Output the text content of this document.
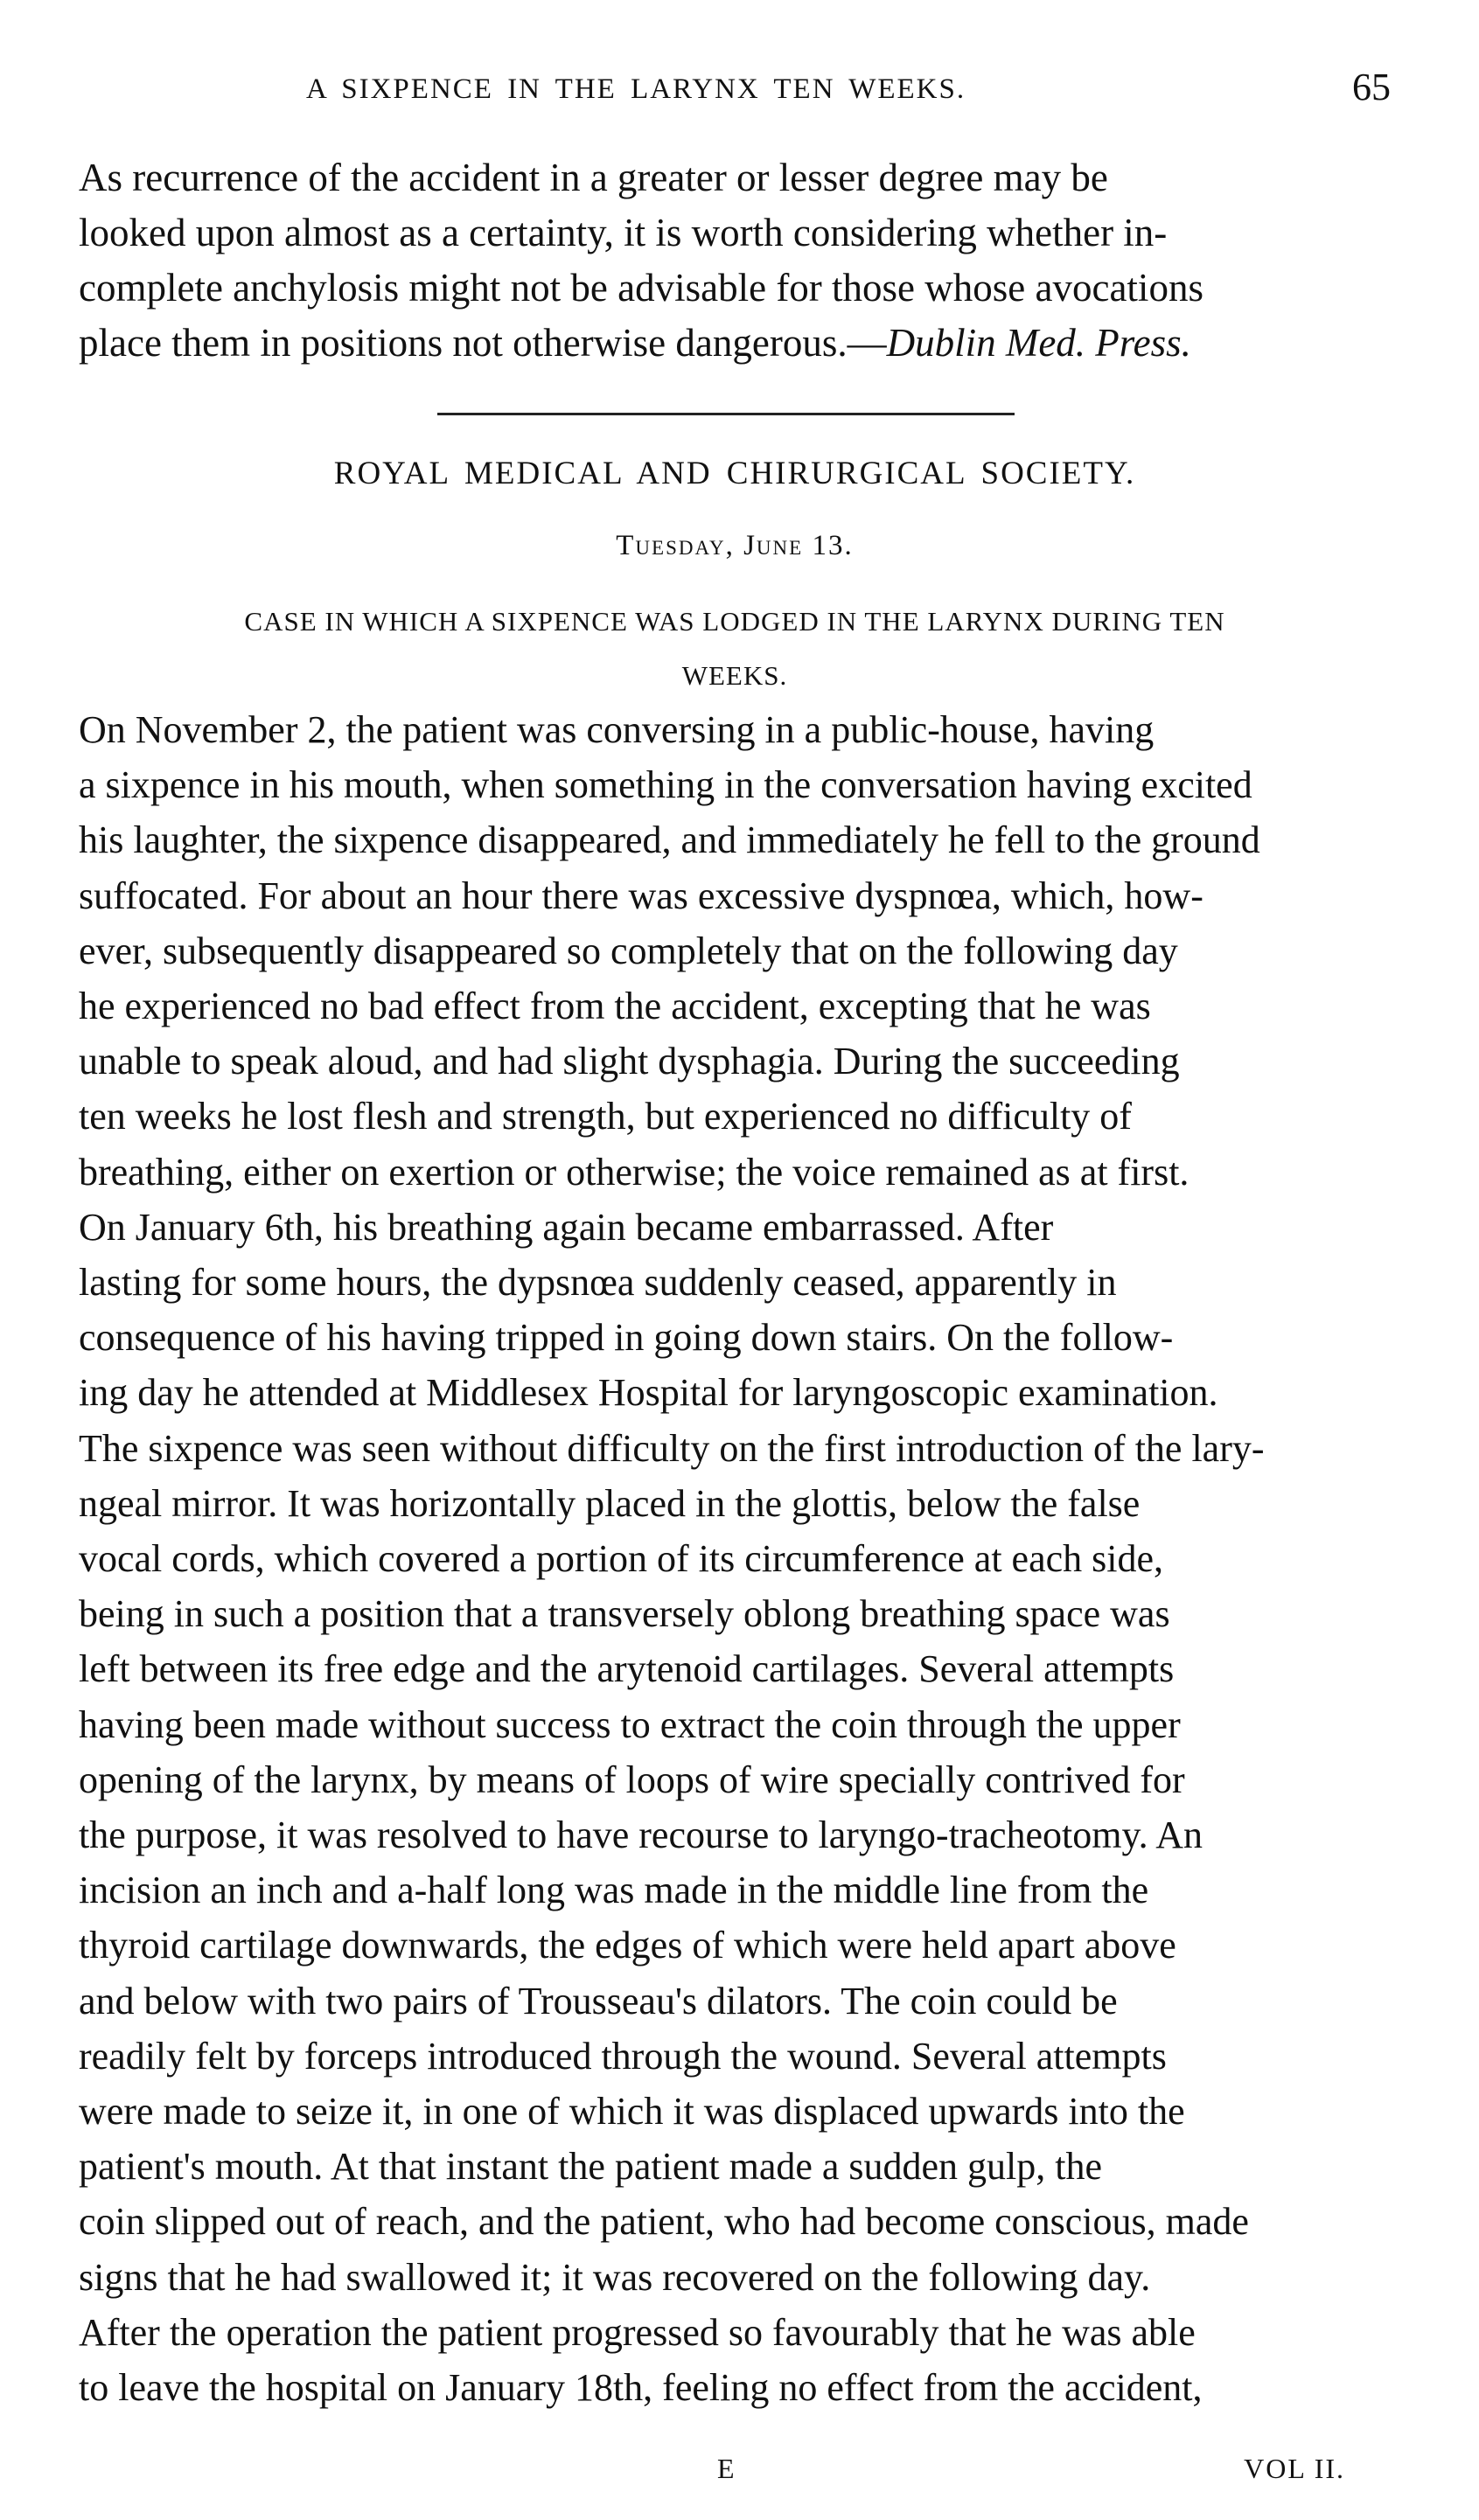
A SIXPENCE IN THE LARYNX TEN WEEKS.	65
As recurrence of the accident in a greater or lesser degree may be
looked upon almost as a certainty, it is worth considering whether in-
complete anchylosis might not be advisable for those whose avocations
place them in positions not otherwise dangerous.—Dublin Med. Press.
ROYAL MEDICAL AND CHIRURGICAL SOCIETY.
Tuesday, June 13.
CASE IN WHICH A SIXPENCE WAS LODGED IN THE LARYNX DURING TEN
WEEKS.
On November 2, the patient was conversing in a public-house, having
a sixpence in his mouth, when something in the conversation having excited
his laughter, the sixpence disappeared, and immediately he fell to the ground
suffocated. For about an hour there was excessive dyspnœa, which, how-
ever, subsequently disappeared so completely that on the following day
he experienced no bad effect from the accident, excepting that he was
unable to speak aloud, and had slight dysphagia. During the succeeding
ten weeks he lost flesh and strength, but experienced no difficulty of
breathing, either on exertion or otherwise; the voice remained as at first.
On January 6th, his breathing again became embarrassed. After
lasting for some hours, the dypsnœa suddenly ceased, apparently in
consequence of his having tripped in going down stairs. On the follow-
ing day he attended at Middlesex Hospital for laryngoscopic examination.
The sixpence was seen without difficulty on the first introduction of the lary-
ngeal mirror. It was horizontally placed in the glottis, below the false
vocal cords, which covered a portion of its circumference at each side,
being in such a position that a transversely oblong breathing space was
left between its free edge and the arytenoid cartilages. Several attempts
having been made without success to extract the coin through the upper
opening of the larynx, by means of loops of wire specially contrived for
the purpose, it was resolved to have recourse to laryngo-tracheotomy. An
incision an inch and a-half long was made in the middle line from the
thyroid cartilage downwards, the edges of which were held apart above
and below with two pairs of Trousseau's dilators. The coin could be
readily felt by forceps introduced through the wound. Several attempts
were made to seize it, in one of which it was displaced upwards into the
patient's mouth. At that instant the patient made a sudden gulp, the
coin slipped out of reach, and the patient, who had become conscious, made
signs that he had swallowed it; it was recovered on the following day.
After the operation the patient progressed so favourably that he was able
to leave the hospital on January 18th, feeling no effect from the accident,
E	VOL II.
